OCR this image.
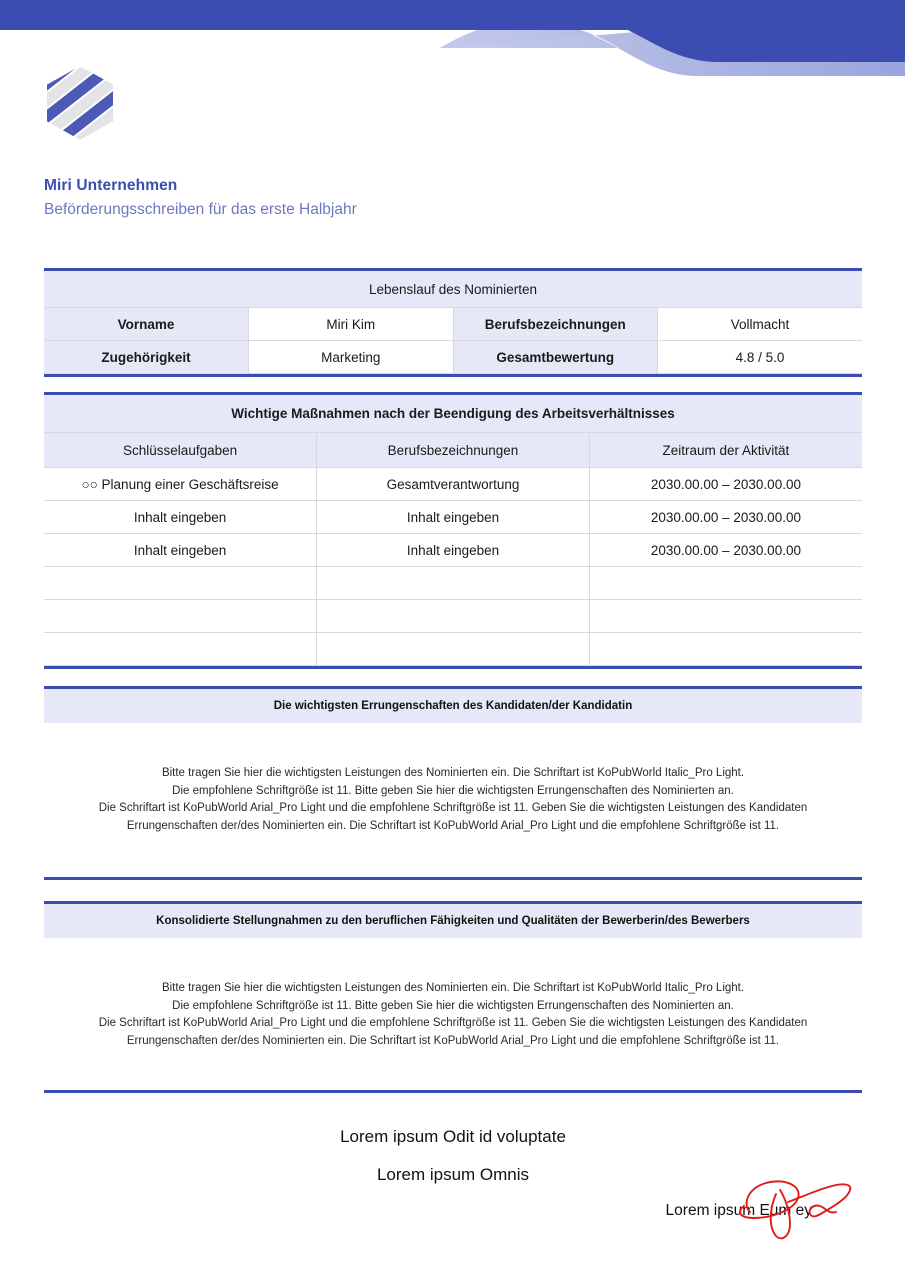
Miri Unternehmen
Beförderungsschreiben für das erste Halbjahr
Lebenslauf des Nominierten			
Vorname	Miri Kim	Berufsbezeichnungen	Vollmacht
Zugehörigkeit	Marketing	Gesamtbewertung	4.8 / 5.0
Wichtige Maßnahmen nach der Beendigung des Arbeitsverhältnisses		
Schlüsselaufgaben	Berufsbezeichnungen	Zeitraum der Aktivität
○○ Planung einer Geschäftsreise	Gesamtverantwortung	2030.00.00 – 2030.00.00
Inhalt eingeben	Inhalt eingeben	2030.00.00 – 2030.00.00
Inhalt eingeben	Inhalt eingeben	2030.00.00 – 2030.00.00

Die wichtigsten Errungenschaften des Kandidaten/der Kandidatin

Bitte tragen Sie hier die wichtigsten Leistungen des Nominierten ein. Die Schriftart ist KoPubWorld Italic_Pro Light.

Die empfohlene Schriftgröße ist 11. Bitte geben Sie hier die wichtigsten Errungenschaften des Nominierten an.

Die Schriftart ist KoPubWorld Arial_Pro Light und die empfohlene Schriftgröße ist 11. Geben Sie die wichtigsten Leistungen des Kandidaten

Errungenschaften der/des Nominierten ein. Die Schriftart ist KoPubWorld Arial_Pro Light und die empfohlene Schriftgröße ist 11.

Konsolidierte Stellungnahmen zu den beruflichen Fähigkeiten und Qualitäten der Bewerberin/des Bewerbers

Bitte tragen Sie hier die wichtigsten Leistungen des Nominierten ein. Die Schriftart ist KoPubWorld Italic_Pro Light.

Die empfohlene Schriftgröße ist 11. Bitte geben Sie hier die wichtigsten Errungenschaften des Nominierten an.

Die Schriftart ist KoPubWorld Arial_Pro Light und die empfohlene Schriftgröße ist 11. Geben Sie die wichtigsten Leistungen des Kandidaten

Errungenschaften der/des Nominierten ein. Die Schriftart ist KoPubWorld Arial_Pro Light und die empfohlene Schriftgröße ist 11.

Lorem ipsum Odit id voluptate
Lorem ipsum Omnis
Lorem ipsum Eum ey
